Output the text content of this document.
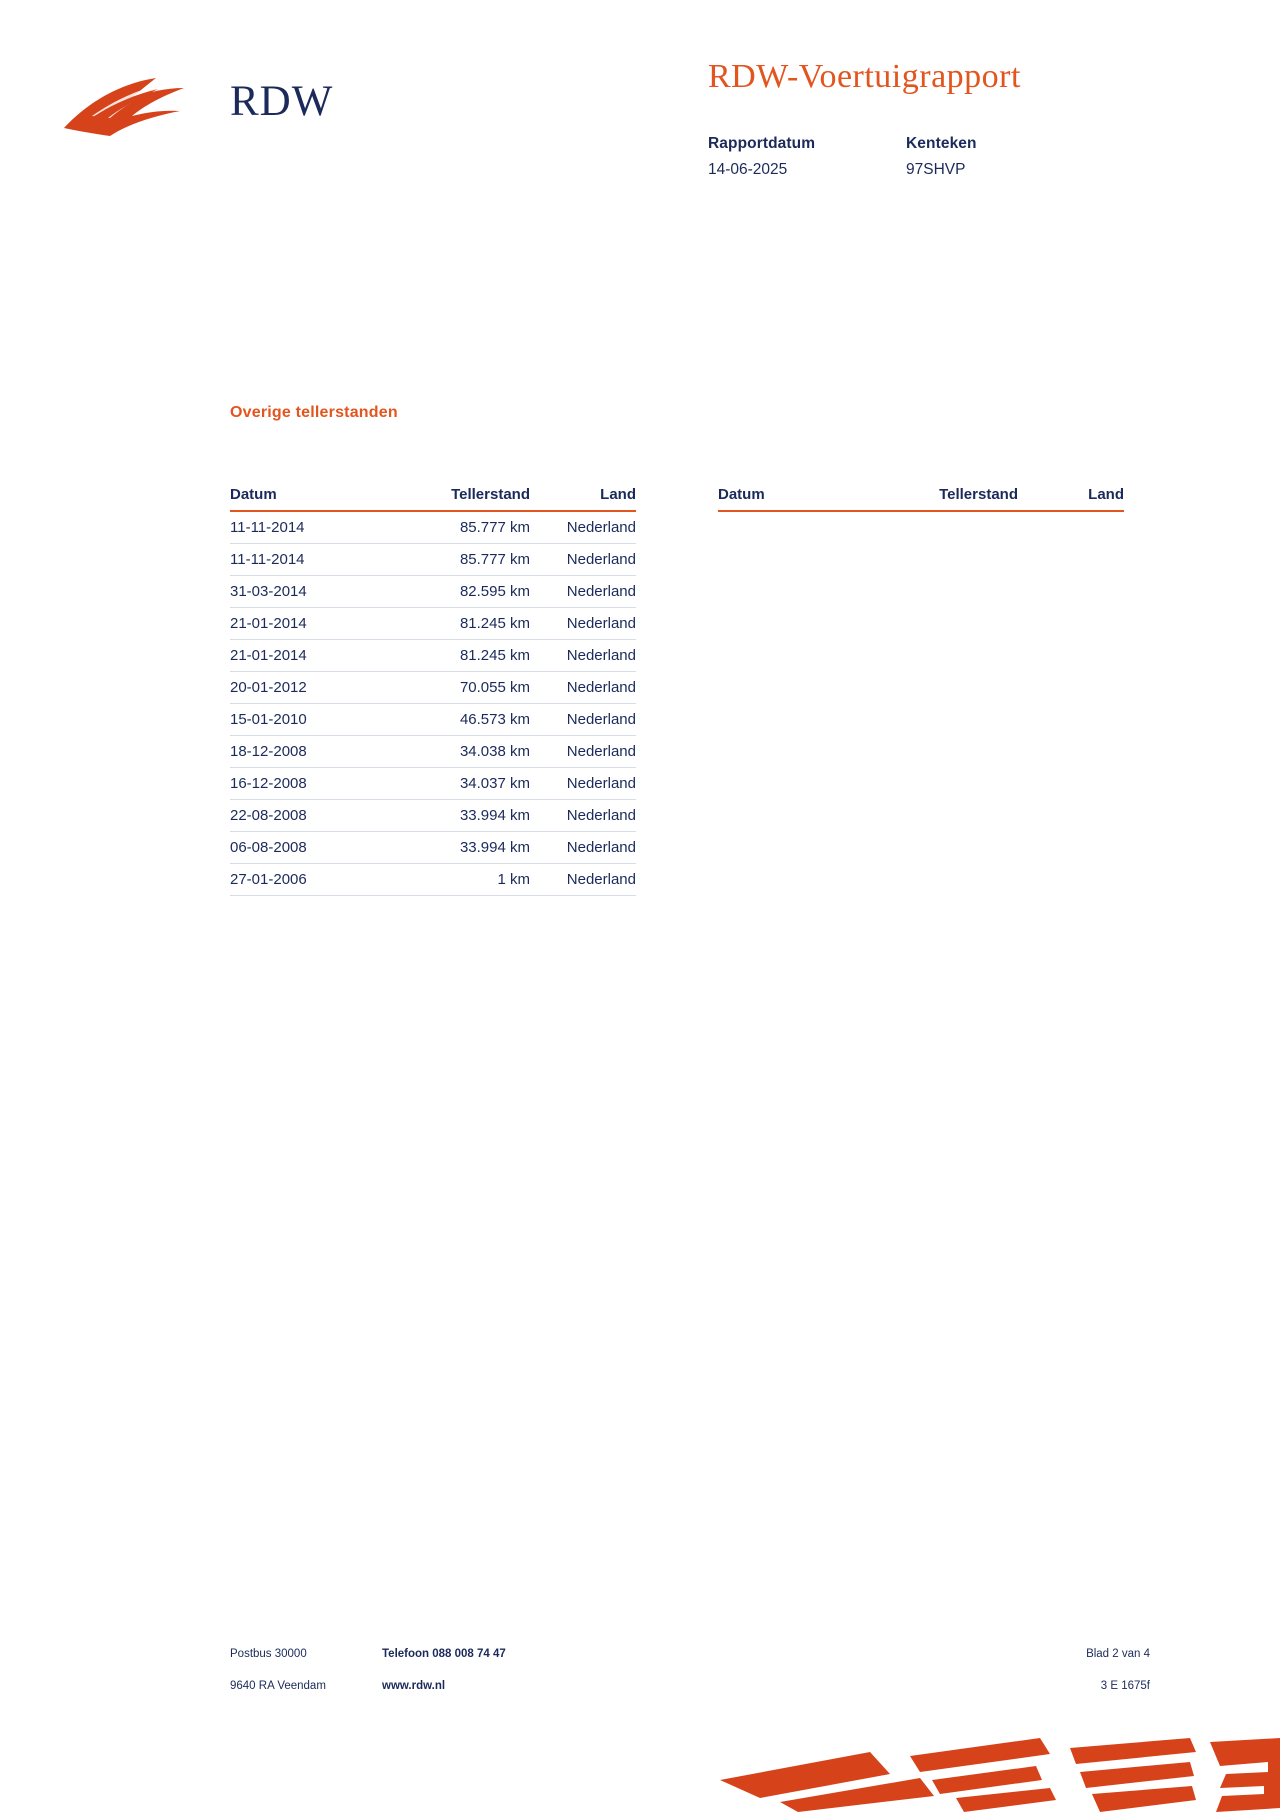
RDW
RDW-Voertuigrapport
Rapportdatum
14-06-2025
Kenteken
97SHVP
Overige tellerstanden
Datum	Tellerstand	Land
11-11-2014	85.777 km	Nederland
11-11-2014	85.777 km	Nederland
31-03-2014	82.595 km	Nederland
21-01-2014	81.245 km	Nederland
21-01-2014	81.245 km	Nederland
20-01-2012	70.055 km	Nederland
15-01-2010	46.573 km	Nederland
18-12-2008	34.038 km	Nederland
16-12-2008	34.037 km	Nederland
22-08-2008	33.994 km	Nederland
06-08-2008	33.994 km	Nederland
27-01-2006	1 km	Nederland
Datum	Tellerstand	Land
Postbus 30000	Telefoon 088 008 74 47	Blad 2 van 4
9640 RA Veendam	www.rdw.nl	3 E 1675f
